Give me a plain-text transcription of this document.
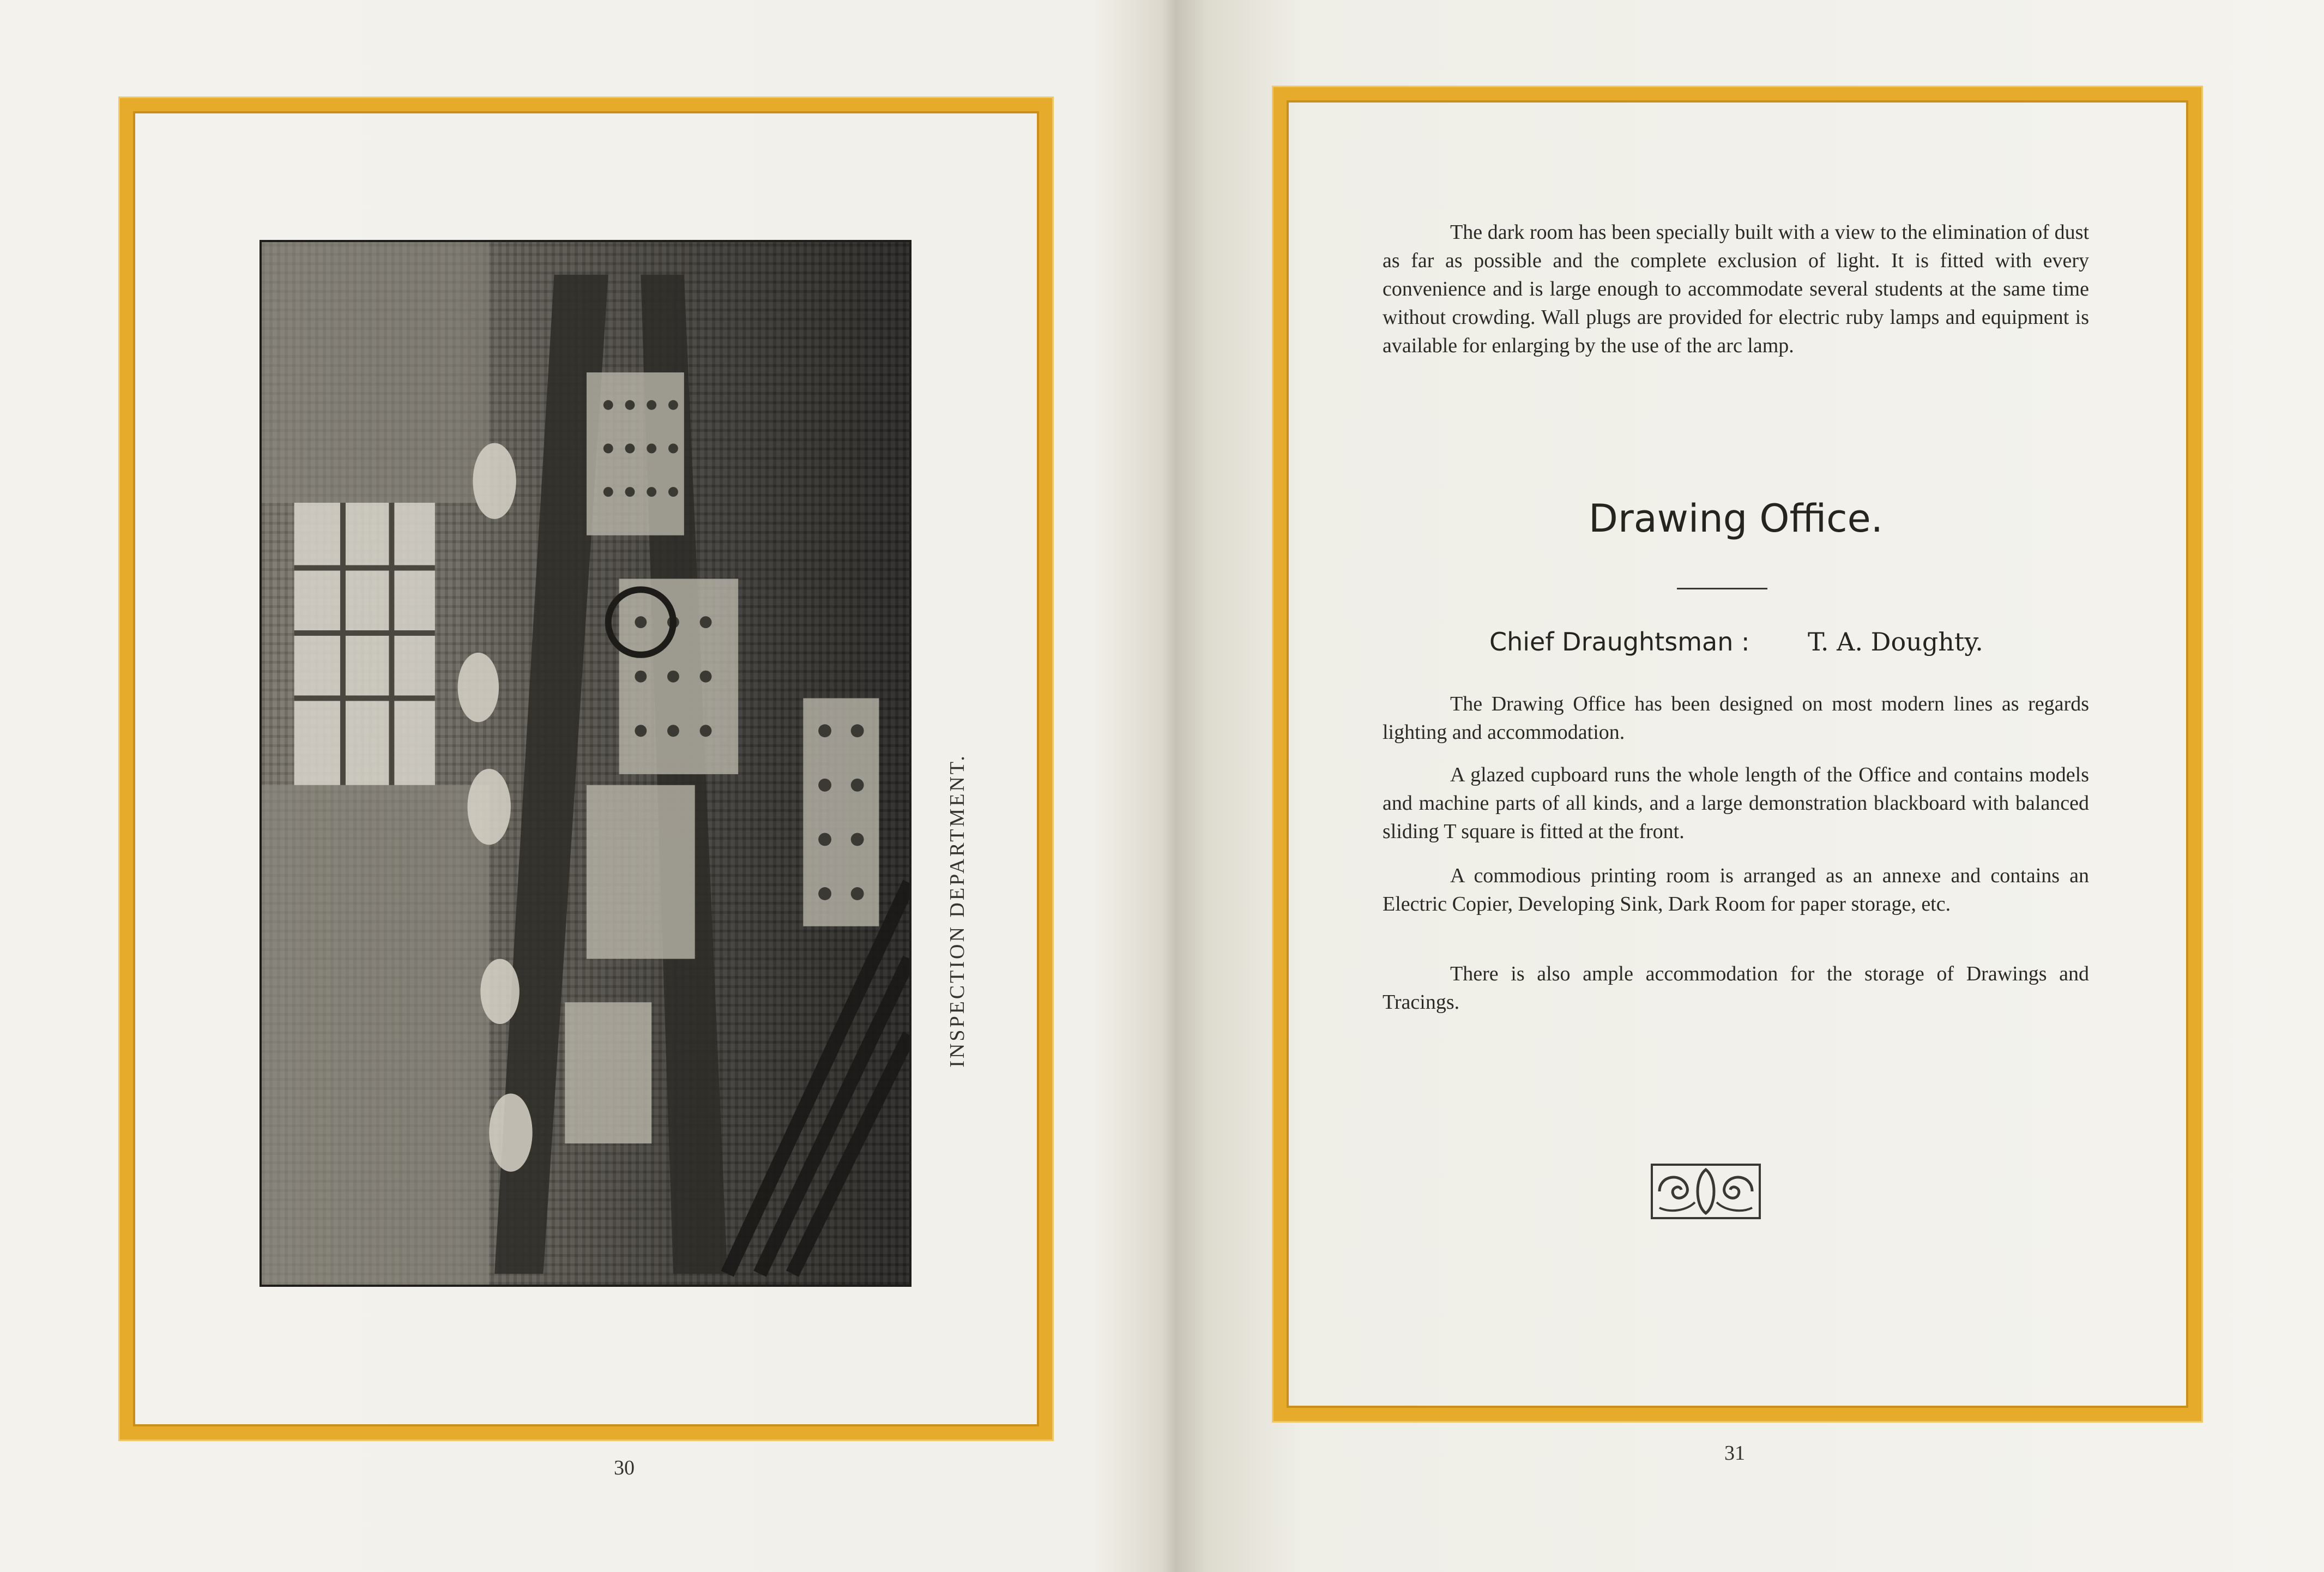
INSPECTION DEPARTMENT.
30

The dark room has been specially built with a view to the elimination of dust as far as possible and the complete exclusion of light. It is fitted with every convenience and is large enough to accommodate several students at the same time without crowding. Wall plugs are provided for electric ruby lamps and equipment is available for enlarging by the use of the arc lamp.

Drawing Office.
Chief Draughtsman : T. A. Doughty.

The Drawing Office has been designed on most modern lines as regards lighting and accommodation.

A glazed cupboard runs the whole length of the Office and contains models and machine parts of all kinds, and a large demonstration blackboard with balanced sliding T square is fitted at the front.

A commodious printing room is arranged as an annexe and contains an Electric Copier, Developing Sink, Dark Room for paper storage, etc.

There is also ample accommodation for the storage of Drawings and Tracings.

31
